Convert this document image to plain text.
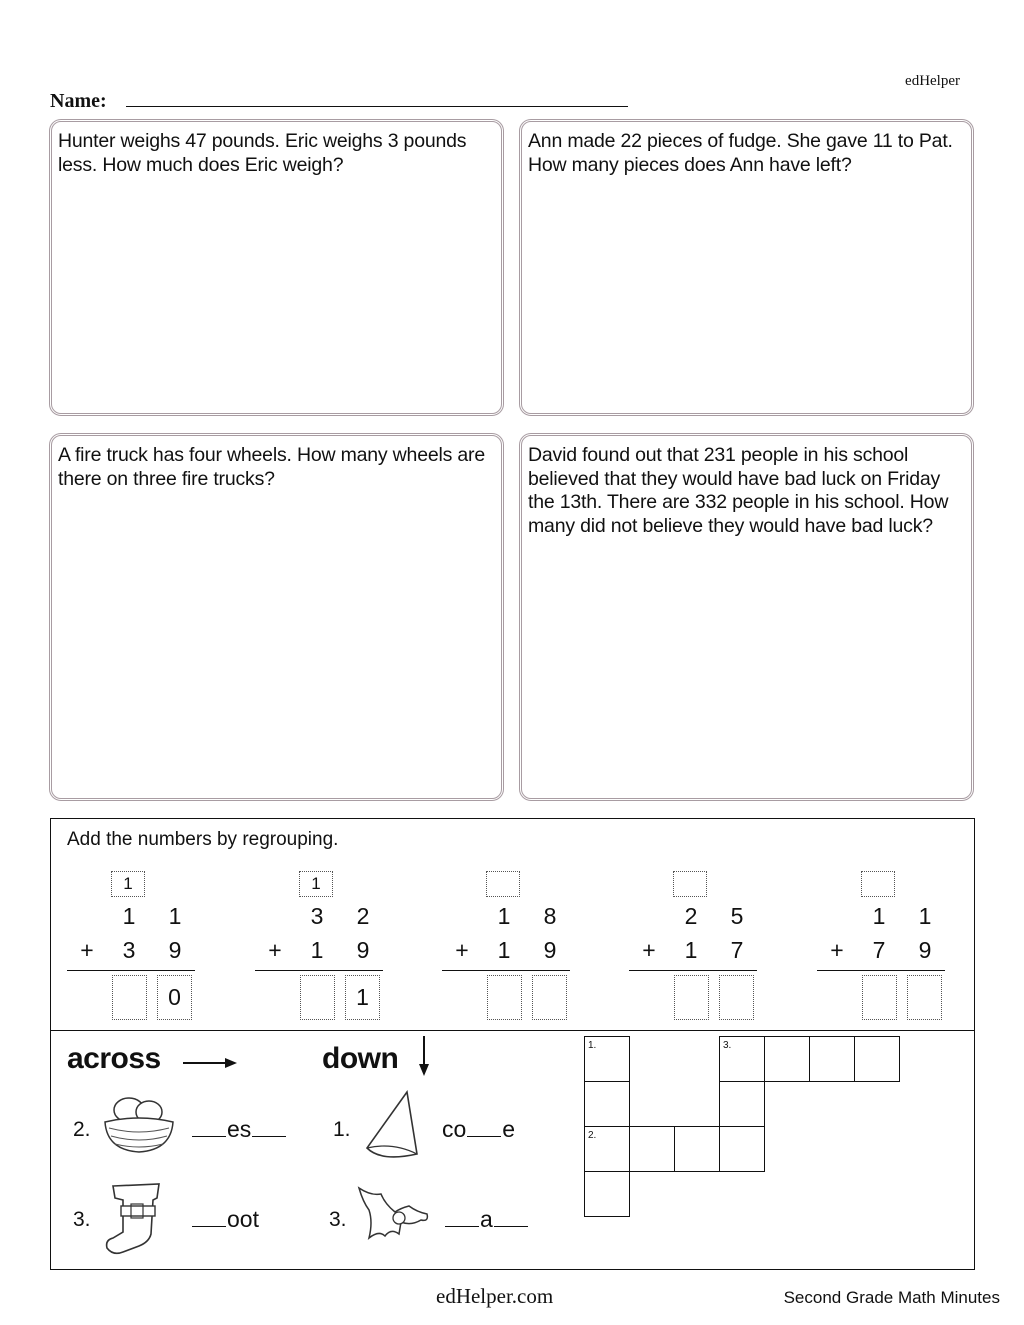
edHelper
Name:
Hunter weighs 47 pounds. Eric weighs 3 pounds less. How much does Eric weigh?
Ann made 22 pieces of fudge. She gave 11 to Pat. How many pieces does Ann have left?
A fire truck has four wheels. How many wheels are there on three fire trucks?
David found out that 231 people in his school believed that they would have bad luck on Friday the 13th. There are 332 people in his school. How many did not believe they would have bad luck?
Add the numbers by regrouping.
1
1 1
+ 3 9
0
1
3 2
+ 1 9
1
1 8
+ 1 9
2 5
+ 1 7
1 1
+ 7 9
across	down
2.	es
3.	oot
1.	co e
3.	a
1.
2.
3.
edHelper.com	Second Grade Math Minutes
